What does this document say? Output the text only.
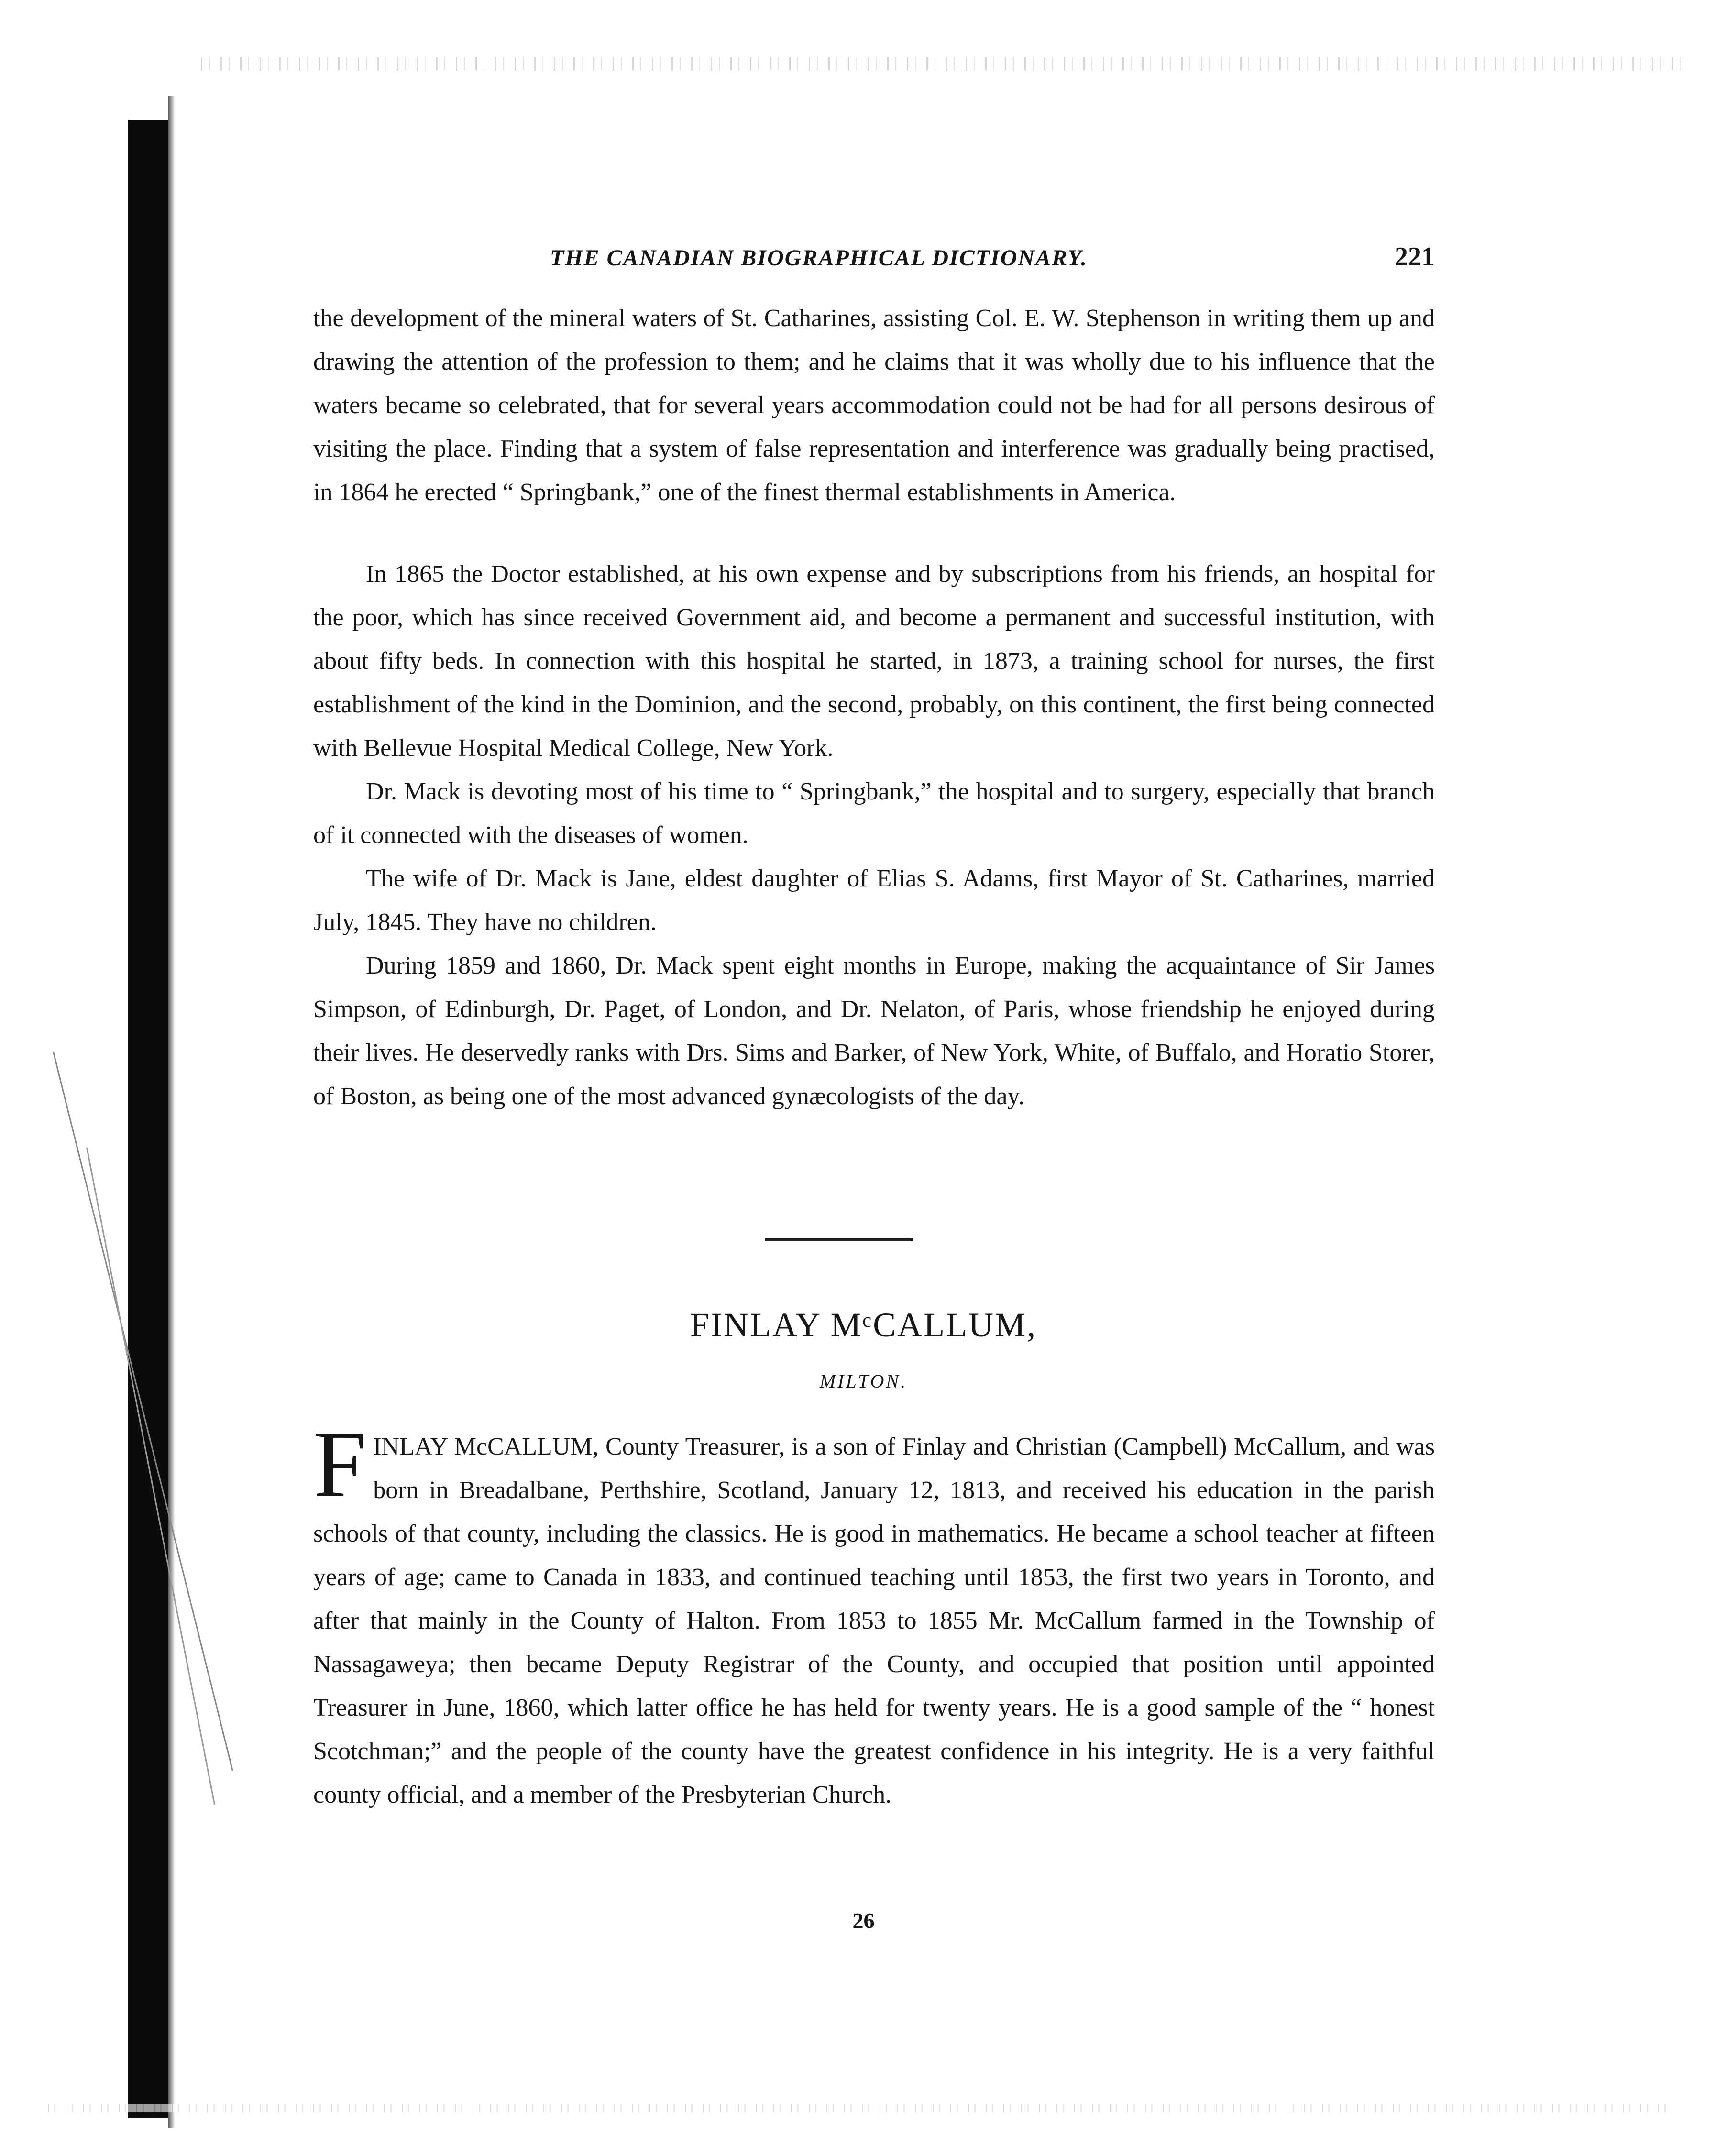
THE CANADIAN BIOGRAPHICAL DICTIONARY.	221

the development of the mineral waters of St. Catharines, assisting Col. E. W. Stephenson in writing them up and drawing the attention of the profession to them; and he claims that it was wholly due to his influence that the waters became so celebrated, that for several years accommodation could not be had for all persons desirous of visiting the place. Finding that a system of false representation and interference was gradually being practised, in 1864 he erected “ Springbank,” one of the finest thermal establishments in America.

In 1865 the Doctor established, at his own expense and by subscriptions from his friends, an hospital for the poor, which has since received Government aid, and become a permanent and successful institution, with about fifty beds. In connection with this hospital he started, in 1873, a training school for nurses, the first establishment of the kind in the Dominion, and the second, probably, on this continent, the first being connected with Bellevue Hospital Medical College, New York.

Dr. Mack is devoting most of his time to “ Springbank,” the hospital and to surgery, especially that branch of it connected with the diseases of women.

The wife of Dr. Mack is Jane, eldest daughter of Elias S. Adams, first Mayor of St. Catharines, married July, 1845. They have no children.

During 1859 and 1860, Dr. Mack spent eight months in Europe, making the acquaintance of Sir James Simpson, of Edinburgh, Dr. Paget, of London, and Dr. Nelaton, of Paris, whose friendship he enjoyed during their lives. He deservedly ranks with Drs. Sims and Barker, of New York, White, of Buffalo, and Horatio Storer, of Boston, as being one of the most advanced gynæcologists of the day.

FINLAY MᶜCALLUM,
MILTON.
F INLAY McCALLUM, County Treasurer, is a son of Finlay and Christian (Campbell) McCallum, and was born in Breadalbane, Perthshire, Scotland, January 12, 1813, and received his education in the parish schools of that county, including the classics. He is good in mathematics. He became a school teacher at fifteen years of age; came to Canada in 1833, and continued teaching until 1853, the first two years in Toronto, and after that mainly in the County of Halton. From 1853 to 1855 Mr. McCallum farmed in the Township of Nassagaweya; then became Deputy Registrar of the County, and occupied that position until appointed Treasurer in June, 1860, which latter office he has held for twenty years. He is a good sample of the “ honest Scotchman;” and the people of the county have the greatest confidence in his integrity. He is a very faithful county official, and a member of the Presbyterian Church.

26
